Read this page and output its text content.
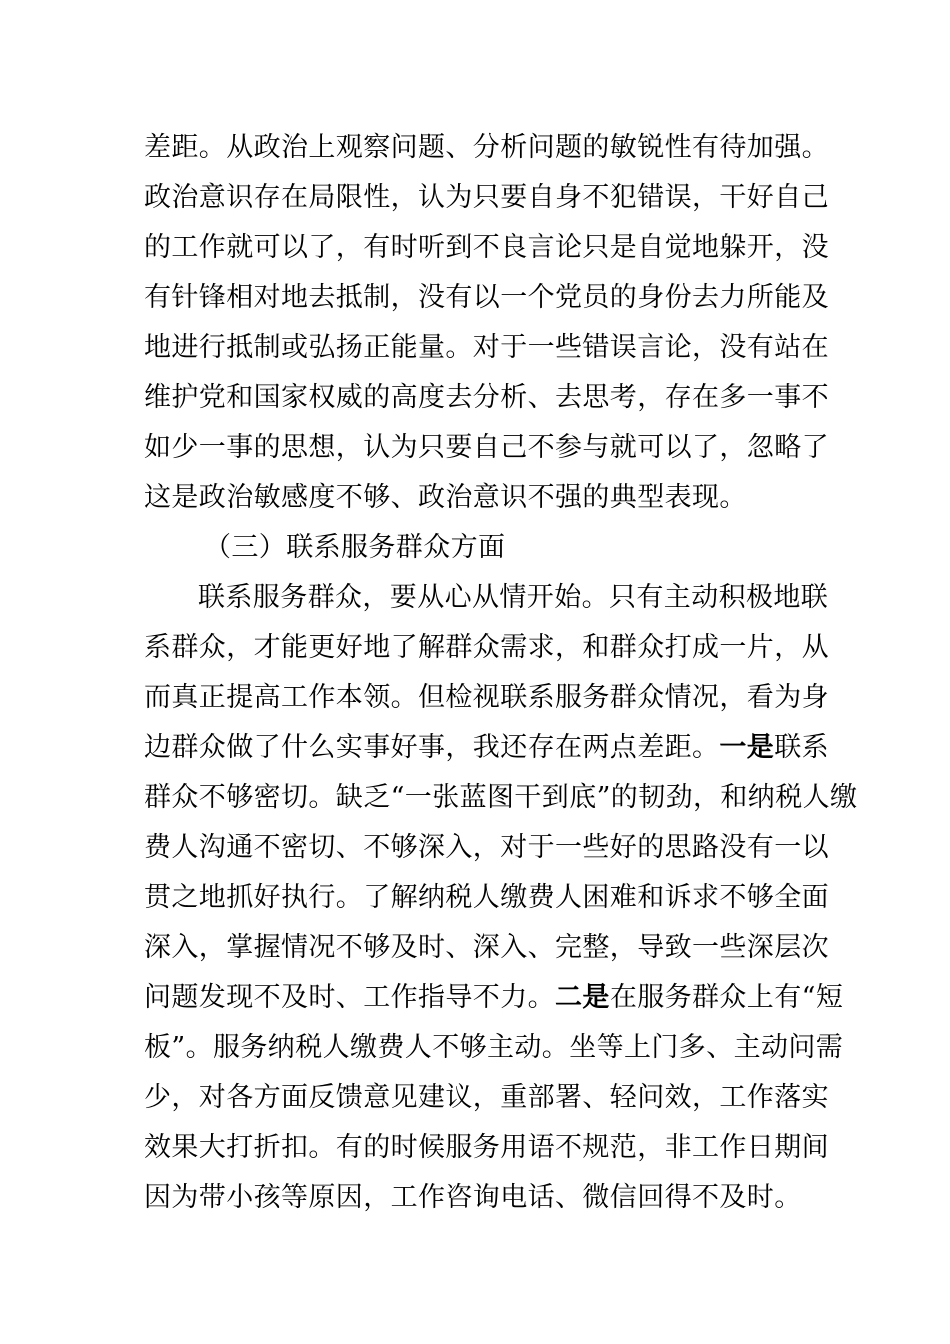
差距。从政治上观察问题、分析问题的敏锐性有待加强。
政治意识存在局限性，认为只要自身不犯错误，干好自己
的工作就可以了，有时听到不良言论只是自觉地躲开，没
有针锋相对地去抵制，没有以一个党员的身份去力所能及
地进行抵制或弘扬正能量。对于一些错误言论，没有站在
维护党和国家权威的高度去分析、去思考，存在多一事不
如少一事的思想，认为只要自己不参与就可以了，忽略了
这是政治敏感度不够、政治意识不强的典型表现。
（三）联系服务群众方面
联系服务群众，要从心从情开始。只有主动积极地联
系群众，才能更好地了解群众需求，和群众打成一片，从
而真正提高工作本领。但检视联系服务群众情况，看为身
边群众做了什么实事好事，我还存在两点差距。一是联系
群众不够密切。缺乏“一张蓝图干到底”的韧劲，和纳税人缴
费人沟通不密切、不够深入，对于一些好的思路没有一以
贯之地抓好执行。了解纳税人缴费人困难和诉求不够全面
深入，掌握情况不够及时、深入、完整，导致一些深层次
问题发现不及时、工作指导不力。二是在服务群众上有“短
板”。服务纳税人缴费人不够主动。坐等上门多、主动问需
少，对各方面反馈意见建议，重部署、轻问效，工作落实
效果大打折扣。有的时候服务用语不规范，非工作日期间
因为带小孩等原因，工作咨询电话、微信回得不及时。
